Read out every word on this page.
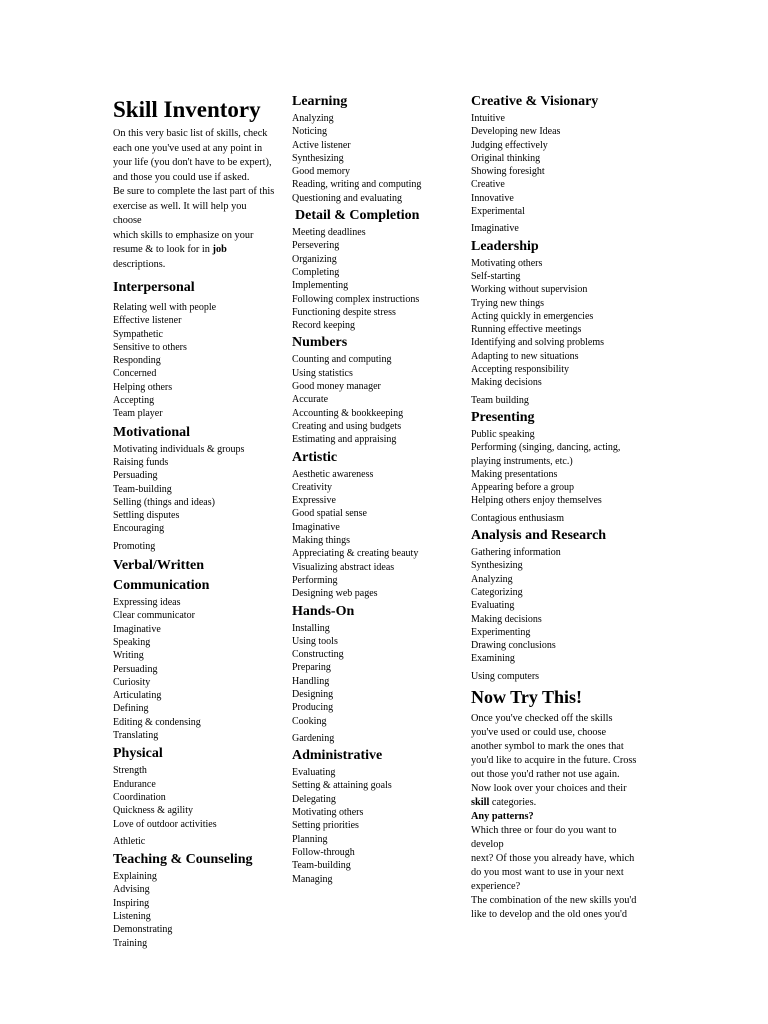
Skill Inventory
On this very basic list of skills, check
each one you've used at any point in
your life (you don't have to be expert),
and those you could use if asked.
Be sure to complete the last part of this
exercise as well. It will help you
choose
which skills to emphasize on your
resume & to look for in job
descriptions.
Interpersonal
Relating well with people
Effective listener
Sympathetic
Sensitive to others
Responding
Concerned
Helping others
Accepting
Team player
Motivational
Motivating individuals & groups
Raising funds
Persuading
Team-building
Selling (things and ideas)
Settling disputes
Encouraging
Promoting
Verbal/Written
Communication
Expressing ideas
Clear communicator
Imaginative
Speaking
Writing
Persuading
Curiosity
Articulating
Defining
Editing & condensing
Translating
Physical
Strength
Endurance
Coordination
Quickness & agility
Love of outdoor activities
Athletic
Teaching & Counseling
Explaining
Advising
Inspiring
Listening
Demonstrating
Training
Learning
Analyzing
Noticing
Active listener
Synthesizing
Good memory
Reading, writing and computing
Questioning and evaluating
Detail & Completion
Meeting deadlines
Persevering
Organizing
Completing
Implementing
Following complex instructions
Functioning despite stress
Record keeping
Numbers
Counting and computing
Using statistics
Good money manager
Accurate
Accounting & bookkeeping
Creating and using budgets
Estimating and appraising
Artistic
Aesthetic awareness
Creativity
Expressive
Good spatial sense
Imaginative
Making things
Appreciating & creating beauty
Visualizing abstract ideas
Performing
Designing web pages
Hands-On
Installing
Using tools
Constructing
Preparing
Handling
Designing
Producing
Cooking
Gardening
Administrative
Evaluating
Setting & attaining goals
Delegating
Motivating others
Setting priorities
Planning
Follow-through
Team-building
Managing
Creative & Visionary
Intuitive
Developing new Ideas
Judging effectively
Original thinking
Showing foresight
Creative
Innovative
Experimental
Imaginative
Leadership
Motivating others
Self-starting
Working without supervision
Trying new things
Acting quickly in emergencies
Running effective meetings
Identifying and solving problems
Adapting to new situations
Accepting responsibility
Making decisions
Team building
Presenting
Public speaking
Performing (singing, dancing, acting,
playing instruments, etc.)
Making presentations
Appearing before a group
Helping others enjoy themselves
Contagious enthusiasm
Analysis and Research
Gathering information
Synthesizing
Analyzing
Categorizing
Evaluating
Making decisions
Experimenting
Drawing conclusions
Examining
Using computers
Now Try This!
Once you've checked off the skills
you've used or could use, choose
another symbol to mark the ones that
you'd like to acquire in the future. Cross
out those you'd rather not use again.
Now look over your choices and their
skill categories.
Any patterns?
Which three or four do you want to
develop
next? Of those you already have, which
do you most want to use in your next
experience?
The combination of the new skills you'd
like to develop and the old ones you'd
